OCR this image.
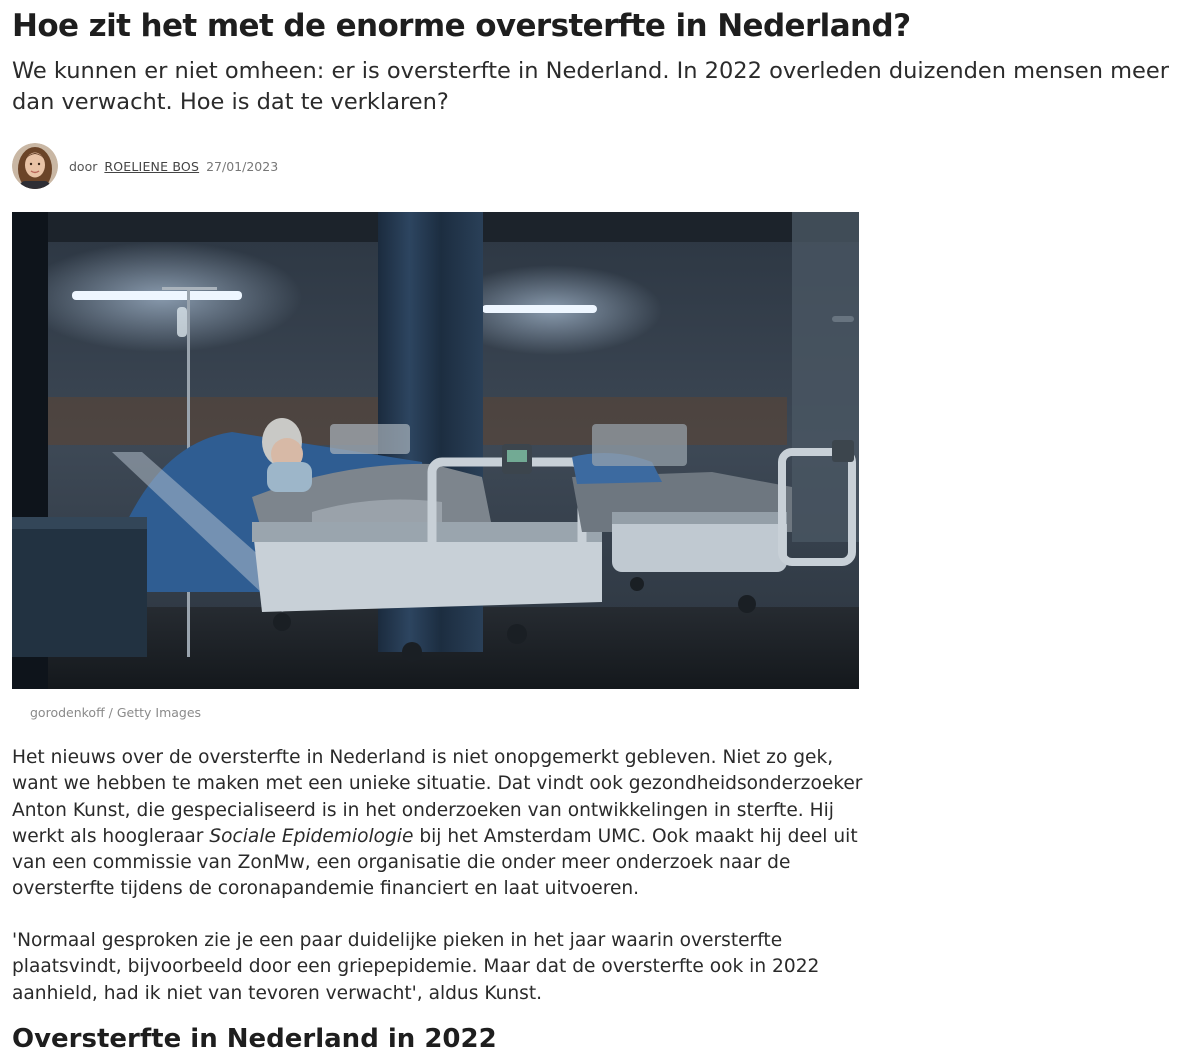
Hoe zit het met de enorme oversterfte in Nederland?

We kunnen er niet omheen: er is oversterfte in Nederland. In 2022 overleden duizenden mensen meer dan verwacht. Hoe is dat te verklaren?

door ROELIENE BOS 27/01/2023
gorodenkoff / Getty Images

Het nieuws over de oversterfte in Nederland is niet onopgemerkt gebleven. Niet zo gek, want we hebben te maken met een unieke situatie. Dat vindt ook gezondheidsonderzoeker Anton Kunst, die gespecialiseerd is in het onderzoeken van ontwikkelingen in sterfte. Hij werkt als hoogleraar Sociale Epidemiologie bij het Amsterdam UMC. Ook maakt hij deel uit van een commissie van ZonMw, een organisatie die onder meer onderzoek naar de oversterfte tijdens de coronapandemie financiert en laat uitvoeren.

'Normaal gesproken zie je een paar duidelijke pieken in het jaar waarin oversterfte plaatsvindt, bijvoorbeeld door een griepepidemie. Maar dat de oversterfte ook in 2022 aanhield, had ik niet van tevoren verwacht', aldus Kunst.

Oversterfte in Nederland in 2022
